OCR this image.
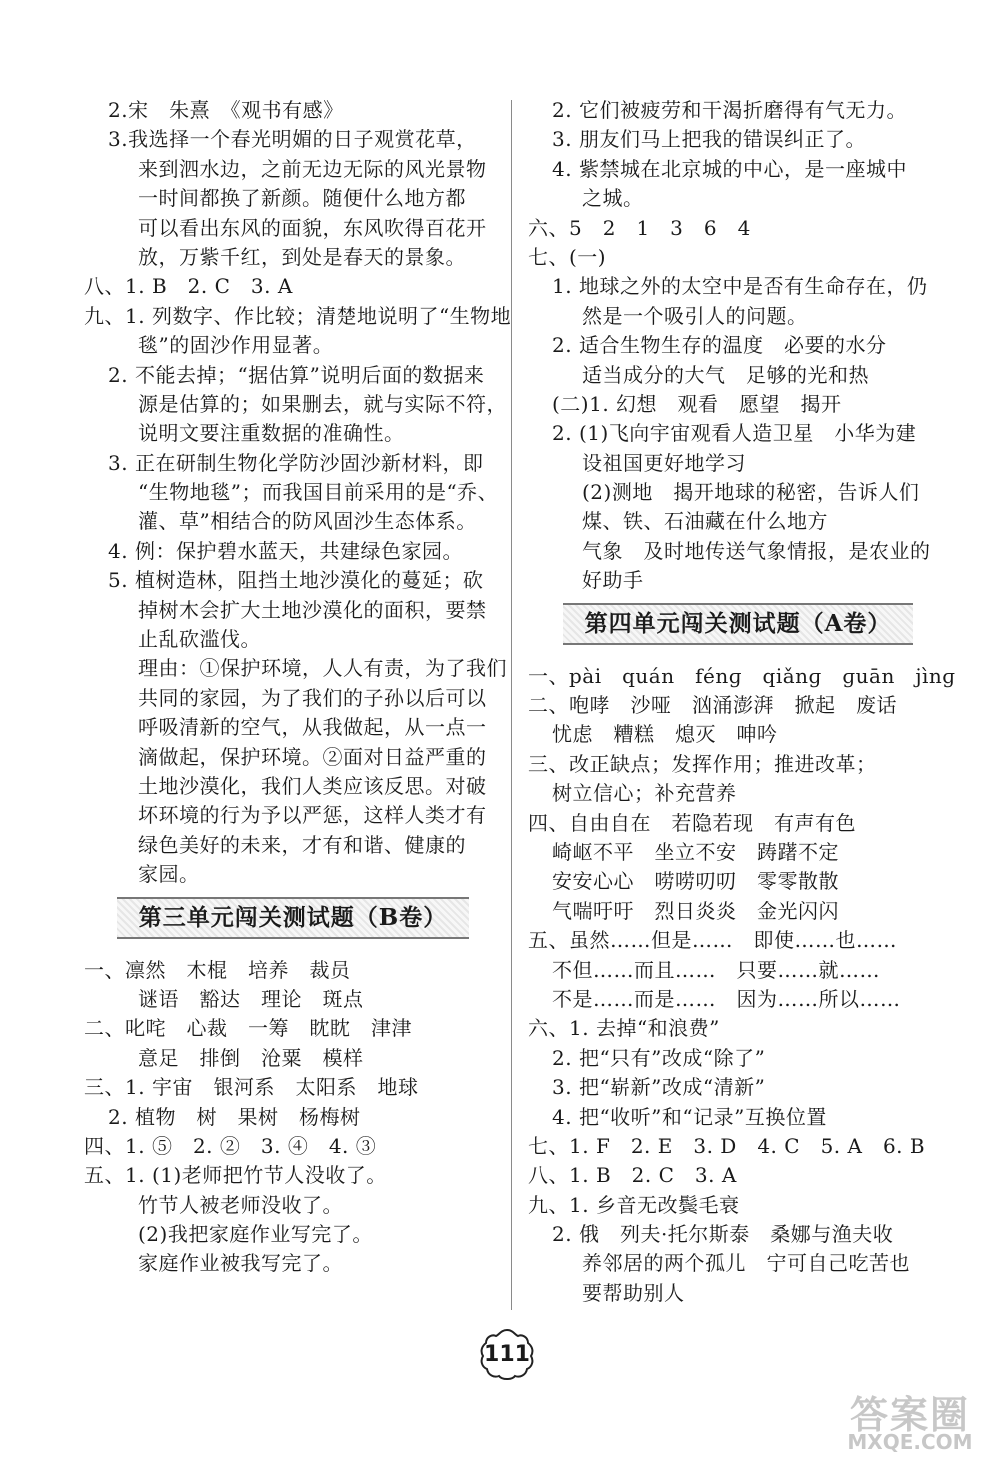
2.宋　朱熹　《观书有感》
3.我选择一个春光明媚的日子观赏花草，
来到泗水边，之前无边无际的风光景物
一时间都换了新颜。随便什么地方都
可以看出东风的面貌，东风吹得百花开
放，万紫千红，到处是春天的景象。
八、1. B　2. C　3. A
九、1. 列数字、作比较；清楚地说明了“生物地
毯”的固沙作用显著。
2. 不能去掉；“据估算”说明后面的数据来
源是估算的；如果删去，就与实际不符，
说明文要注重数据的准确性。
3. 正在研制生物化学防沙固沙新材料，即
“生物地毯”；而我国目前采用的是“乔、
灌、草”相结合的防风固沙生态体系。
4. 例：保护碧水蓝天，共建绿色家园。
5. 植树造林，阻挡土地沙漠化的蔓延；砍
掉树木会扩大土地沙漠化的面积，要禁
止乱砍滥伐。
理由：①保护环境，人人有责，为了我们
共同的家园，为了我们的子孙以后可以
呼吸清新的空气，从我做起，从一点一
滴做起，保护环境。②面对日益严重的
土地沙漠化，我们人类应该反思。对破
坏环境的行为予以严惩，这样人类才有
绿色美好的未来，才有和谐、健康的
家园。
第三单元闯关测试题（B卷）
一、凛然　木棍　培养　裁员
谜语　豁达　理论　斑点
二、叱咤　心裁　一筹　眈眈　津津
意足　排倒　沧粟　模样
三、1. 宇宙　银河系　太阳系　地球
2. 植物　树　果树　杨梅树
四、1. ⑤　2. ②　3. ④　4. ③
五、1. (1)老师把竹节人没收了。
竹节人被老师没收了。
(2)我把家庭作业写完了。
家庭作业被我写完了。
2. 它们被疲劳和干渴折磨得有气无力。
3. 朋友们马上把我的错误纠正了。
4. 紫禁城在北京城的中心，是一座城中
之城。
六、5　2　1　3　6　4
七、(一)
1. 地球之外的太空中是否有生命存在，仍
然是一个吸引人的问题。
2. 适合生物生存的温度　必要的水分
适当成分的大气　足够的光和热
(二)1. 幻想　观看　愿望　揭开
2. (1)飞向宇宙观看人造卫星　小华为建
设祖国更好地学习
(2)测地　揭开地球的秘密，告诉人们
煤、铁、石油藏在什么地方
气象　及时地传送气象情报，是农业的
好助手
第四单元闯关测试题（A卷）
一、pài　quán　fénɡ　qiǎnɡ　ɡuān　jìnɡ
二、咆哮　沙哑　汹涌澎湃　掀起　废话
忧虑　糟糕　熄灭　呻吟
三、改正缺点；发挥作用；推进改革；
树立信心；补充营养
四、自由自在　若隐若现　有声有色
崎岖不平　坐立不安　踌躇不定
安安心心　唠唠叨叨　零零散散
气喘吁吁　烈日炎炎　金光闪闪
五、虽然……但是……　即使……也……
不但……而且……　只要……就……
不是……而是……　因为……所以……
六、1. 去掉“和浪费”
2. 把“只有”改成“除了”
3. 把“崭新”改成“清新”
4. 把“收听”和“记录”互换位置
七、1. F　2. E　3. D　4. C　5. A　6. B
八、1. B　2. C　3. A
九、1. 乡音无改鬓毛衰
2. 俄　列夫·托尔斯泰　桑娜与渔夫收
养邻居的两个孤儿　宁可自己吃苦也
要帮助别人
111
答案圈
MXQE.COM
